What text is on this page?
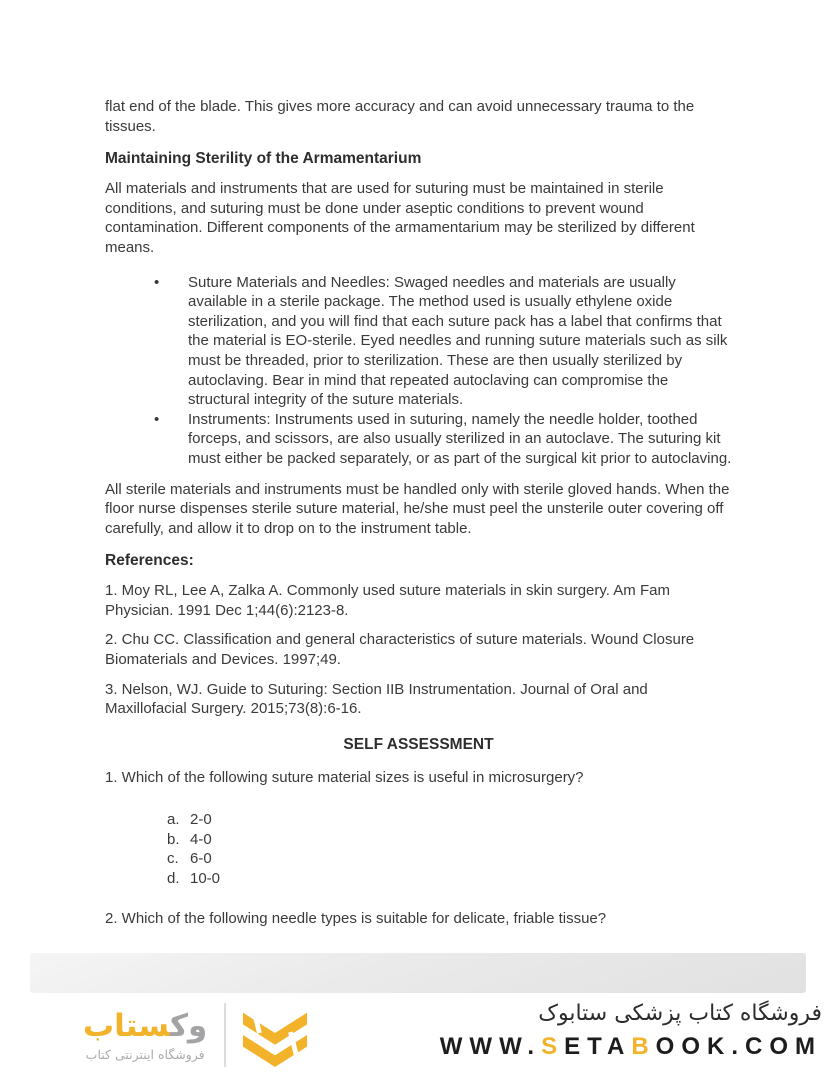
flat end of the blade. This gives more accuracy and can avoid unnecessary trauma to the tissues.

Maintaining Sterility of the Armamentarium

All materials and instruments that are used for suturing must be maintained in sterile conditions, and suturing must be done under aseptic conditions to prevent wound contamination. Different components of the armamentarium may be sterilized by different means.

• Suture Materials and Needles: Swaged needles and materials are usually available in a sterile package. The method used is usually ethylene oxide sterilization, and you will find that each suture pack has a label that confirms that the material is EO-sterile. Eyed needles and running suture materials such as silk must be threaded, prior to sterilization. These are then usually sterilized by autoclaving. Bear in mind that repeated autoclaving can compromise the structural integrity of the suture materials.
• Instruments: Instruments used in suturing, namely the needle holder, toothed forceps, and scissors, are also usually sterilized in an autoclave. The suturing kit must either be packed separately, or as part of the surgical kit prior to autoclaving.

All sterile materials and instruments must be handled only with sterile gloved hands. When the floor nurse dispenses sterile suture material, he/she must peel the unsterile outer covering off carefully, and allow it to drop on to the instrument table.

References:

1. Moy RL, Lee A, Zalka A. Commonly used suture materials in skin surgery. Am Fam Physician. 1991 Dec 1;44(6):2123-8.

2. Chu CC. Classification and general characteristics of suture materials. Wound Closure Biomaterials and Devices. 1997;49.

3. Nelson, WJ. Guide to Suturing: Section IIB Instrumentation. Journal of Oral and Maxillofacial Surgery. 2015;73(8):6-16.

SELF ASSESSMENT

1. Which of the following suture material sizes is useful in microsurgery?

a. 2-0
b. 4-0
c. 6-0
d. 10-0

2. Which of the following needle types is suitable for delicate, friable tissue?

وکستاب
فروشگاه اینترنتی کتاب
فروشگاه کتاب پزشکی ستابوک
WWW.SETABOOK.COM
